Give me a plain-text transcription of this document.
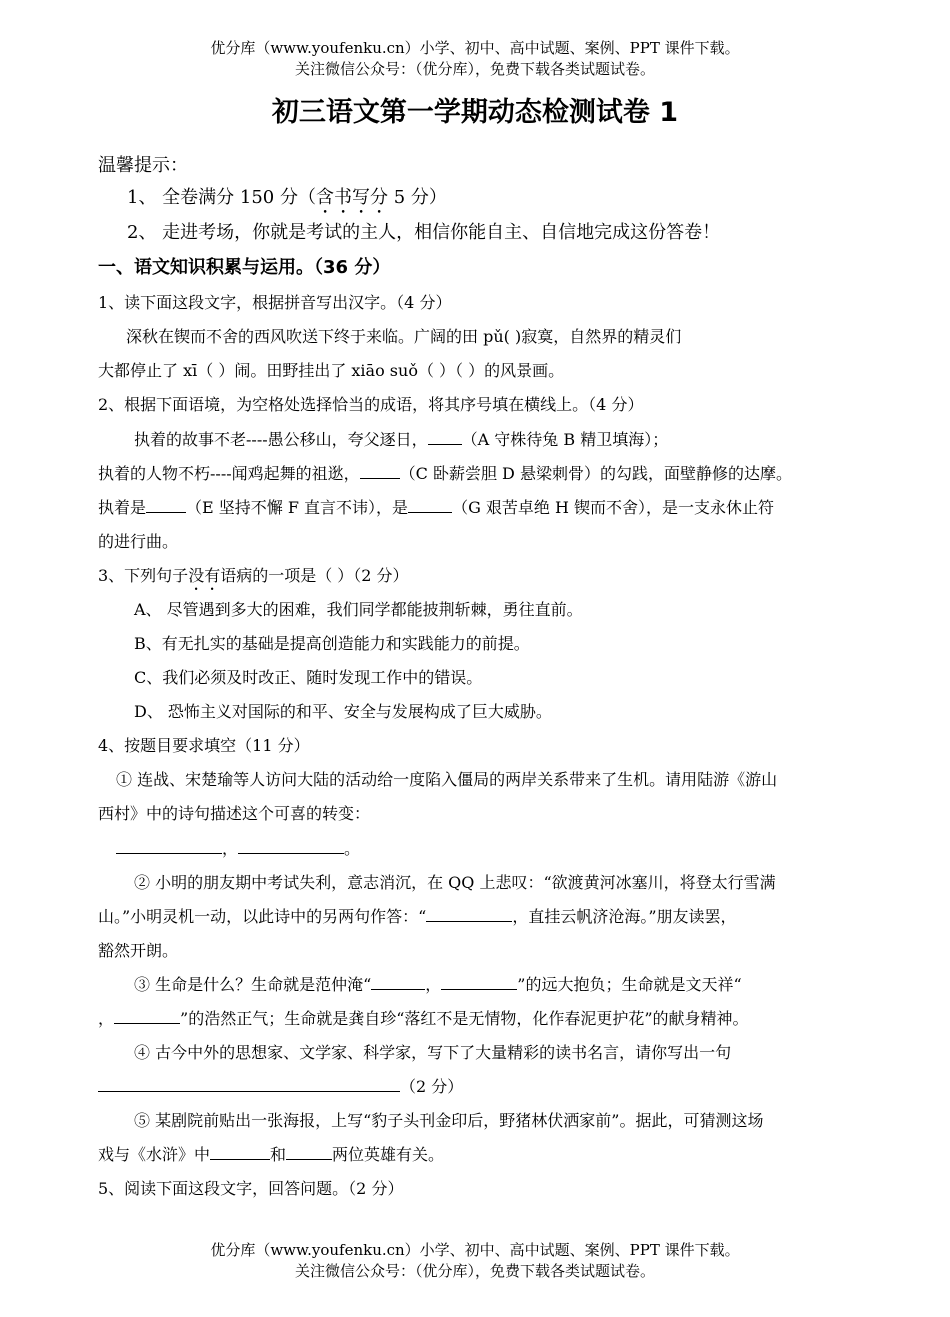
优分库（www.youfenku.cn）小学、初中、高中试题、案例、PPT 课件下载。
关注微信公众号：（优分库），免费下载各类试题试卷。
初三语文第一学期动态检测试卷 1
温馨提示：
1、 全卷满分 150 分（含书写分 5 分）
2、 走进考场，你就是考试的主人，相信你能自主、自信地完成这份答卷！
一、语文知识积累与运用。（36 分）
1、读下面这段文字，根据拼音写出汉字。（4 分）
深秋在锲而不舍的西风吹送下终于来临。广阔的田 pǔ( )寂寞，自然界的精灵们
大都停止了 xī（ ）闹。田野挂出了 xiāo suǒ（ ）（ ）的风景画。
2、根据下面语境，为空格处选择恰当的成语，将其序号填在横线上。（4 分）
执着的故事不老----愚公移山，夸父逐日， （A 守株待兔 B 精卫填海）；
执着的人物不朽----闻鸡起舞的祖逖，	（C 卧薪尝胆 D 悬梁刺骨）的勾践，面壁静修的达摩。
执着是	（E 坚持不懈 F 直言不讳），是	（G 艰苦卓绝 H 锲而不舍），是一支永休止符
的进行曲。
3、下列句子没有语病的一项是（ ）（2 分）
A、 尽管遇到多大的困难，我们同学都能披荆斩棘，勇往直前。
B、有无扎实的基础是提高创造能力和实践能力的前提。
C、我们必须及时改正、随时发现工作中的错误。
D、 恐怖主义对国际的和平、安全与发展构成了巨大威胁。
4、按题目要求填空（11 分）
① 连战、宋楚瑜等人访问大陆的活动给一度陷入僵局的两岸关系带来了生机。请用陆游《游山
西村》中的诗句描述这个可喜的转变：
，	。
② 小明的朋友期中考试失利，意志消沉，在 QQ 上悲叹：“欲渡黄河冰塞川，将登太行雪满
山。”小明灵机一动，以此诗中的另两句作答：“	，直挂云帆济沧海。”朋友读罢，
豁然开朗。
③ 生命是什么？生命就是范仲淹“	，	”的远大抱负；生命就是文天祥“
，	”的浩然正气；生命就是龚自珍“落红不是无情物，化作春泥更护花”的献身精神。
④ 古今中外的思想家、文学家、科学家，写下了大量精彩的读书名言，请你写出一句
（2 分）
⑤ 某剧院前贴出一张海报，上写“豹子头刊金印后，野猪林伏洒家前”。据此，可猜测这场
戏与《水浒》中	和	两位英雄有关。
5、阅读下面这段文字，回答问题。（2 分）
优分库（www.youfenku.cn）小学、初中、高中试题、案例、PPT 课件下载。
关注微信公众号：（优分库），免费下载各类试题试卷。
